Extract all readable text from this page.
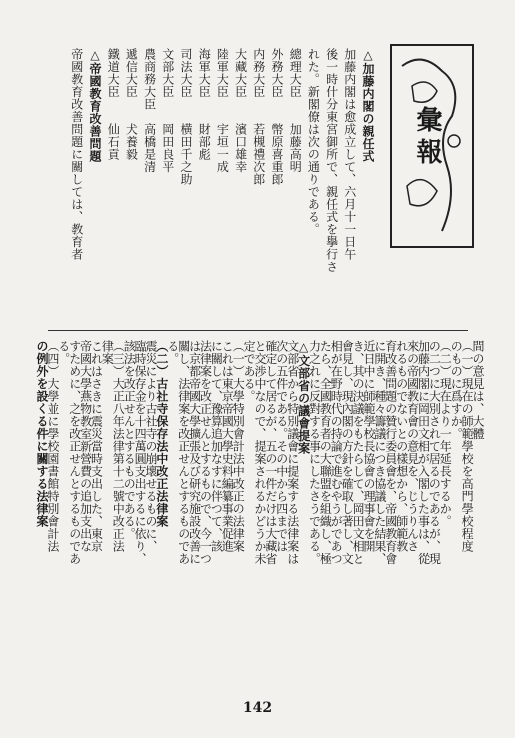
彙報
△加藤内閣の親任式
加藤内閣は愈成立して、六月十一日午
後一時什分東宮御所で、親任式を擧行さ
れた。新閣僚は次の通りである。
總理大臣　　加藤高明
外務大臣　　幣原喜重郎
内務大臣　　若槻禮次郎
大藏大臣　　濱口雄幸
陸軍大臣　　宇垣一成
海軍大臣　　財部彪
司法大臣　　横田千之助
文部大臣　　岡田良平
農商務大臣　高橋是清
遞信大臣　　犬養毅
鐵道大臣　　仙石貢
△帝國教育改善問題
帝國教育改善問題に關しては、教育者
間の意見は、大體
（一）現在の師範學校を高門學校程度
のものに爲すか。
（二）現在より一年延長するか。
の二つに大別されて居るのであるが、現
加藤内閣に岡田文相が入閣した事は、從
來の帝國教育會の意見を、じうりんさ
れるものでないとの樣想から、師範教
育改善問題の贊行委員會を、帝國教育會
に開き、種々籌議につき協議した結果、
近日中に師範學校長協會の理事會を開
き、其の決議をもたらして、岡田文相と
會見し、現內閣の方針を確取し著し、文
相が在野時代の持論で進むやうがであつ
たら、全國教育者の大聯盟を組織し、極
力之れに反對する事にしたさうである。
△文部省の議會提案
文部省から特別議會に提案する法律案は
次の五件である。その中から四までは
確定して居るが、五の一件だけは大藏省
と交渉中なので、提案されるかどうか未
定である。
（一）大學特別會計法中改正の法律案
これは東京帝國大學史料編纂事業促進
に關して、豫算追加なすに伴つて、該
法律案を改正せんとするもので、今一つ
は京都帝國大學擴張及び研究施設改善に
關し、法律案を改正せんとするものであ
る。
（二）古社寺保存法中改正法律案
震災により古社寺の崩壞せるものに、
臨時保存金を十四萬圓支出するに依り、
該法を改正せんとするものである。
（三）大正八年法律第十二號中改正法
律案
これはさきに震災當時支出した、東京
帝國大學燕物教室新營費の追加支出な
すために、之を改正せんとするものであ
る。
（四）大學並に學校園書館特別會計法
の例外を設くる件に關する法律案
142
